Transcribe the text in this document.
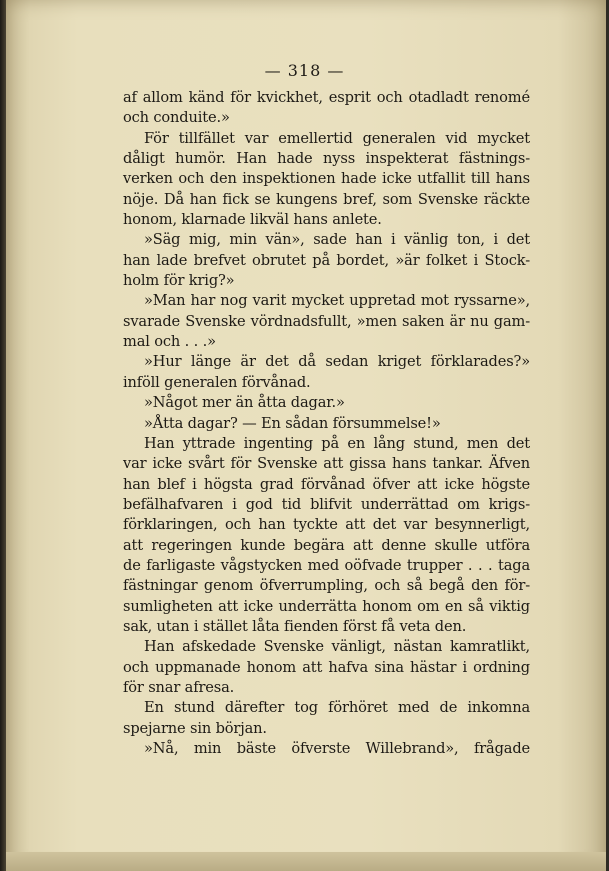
— 318 —
af allom känd för kvickhet, esprit och otadladt renomé
och conduite.»
För tillfället var emellertid generalen vid mycket
dåligt humör. Han hade nyss inspekterat fästnings-
verken och den inspektionen hade icke utfallit till hans
nöje. Då han fick se kungens bref, som Svenske räckte
honom, klarnade likväl hans anlete.
»Säg mig, min vän», sade han i vänlig ton, i det
han lade brefvet obrutet på bordet, »är folket i Stock-
holm för krig?»
»Man har nog varit mycket uppretad mot ryssarne»,
svarade Svenske vördnadsfullt, »men saken är nu gam-
mal och . . .»
»Hur länge är det då sedan kriget förklarades?»
inföll generalen förvånad.
»Något mer än åtta dagar.»
»Åtta dagar? — En sådan försummelse!»
Han yttrade ingenting på en lång stund, men det
var icke svårt för Svenske att gissa hans tankar. Äfven
han blef i högsta grad förvånad öfver att icke högste
befälhafvaren i god tid blifvit underrättad om krigs-
förklaringen, och han tyckte att det var besynnerligt,
att regeringen kunde begära att denne skulle utföra
de farligaste vågstycken med oöfvade trupper . . . taga
fästningar genom öfverrumpling, och så begå den för-
sumligheten att icke underrätta honom om en så viktig
sak, utan i stället låta fienden först få veta den.
Han afskedade Svenske vänligt, nästan kamratlikt,
och uppmanade honom att hafva sina hästar i ordning
för snar afresa.
En stund därefter tog förhöret med de inkomna
spejarne sin början.
»Nå, min bäste öfverste Willebrand», frågade
